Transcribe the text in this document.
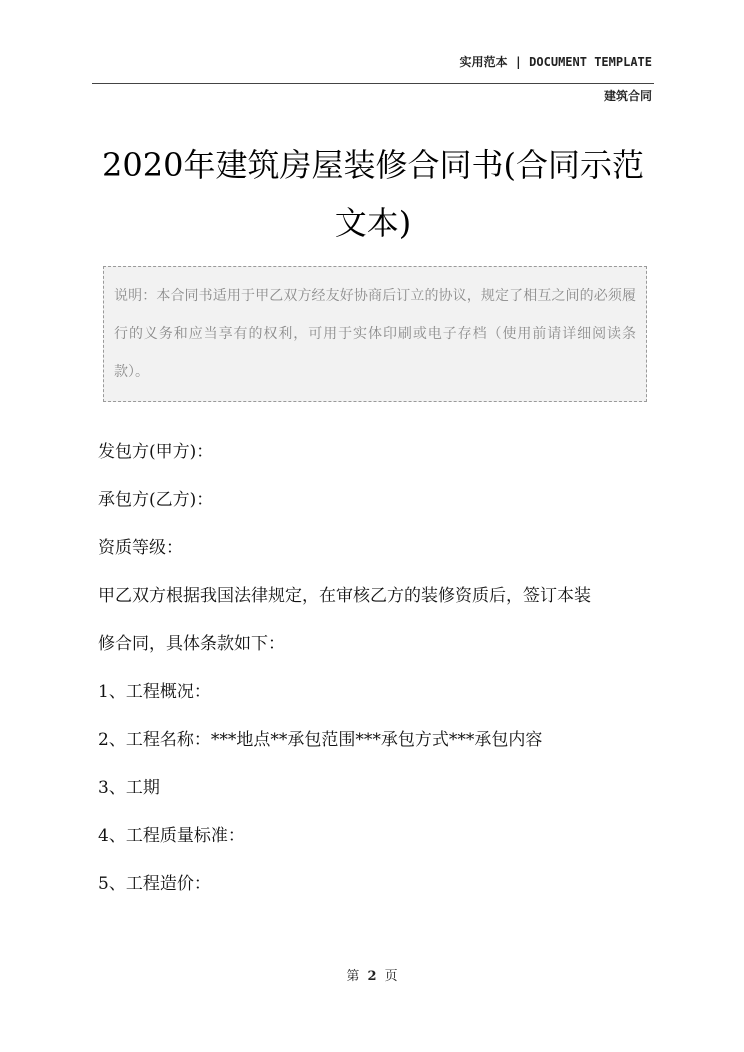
实用范本 | DOCUMENT TEMPLATE
建筑合同
2020年建筑房屋装修合同书(合同示范文本)
说明：本合同书适用于甲乙双方经友好协商后订立的协议，规定了相互之间的必须履行的义务和应当享有的权利，可用于实体印刷或电子存档（使用前请详细阅读条款）。
发包方(甲方)：
承包方(乙方)：
资质等级：
甲乙双方根据我国法律规定，在审核乙方的装修资质后，签订本装
修合同，具体条款如下：
1、工程概况：
2、工程名称：***地点**承包范围***承包方式***承包内容
3、工期
4、工程质量标准：
5、工程造价：
第 2 页
